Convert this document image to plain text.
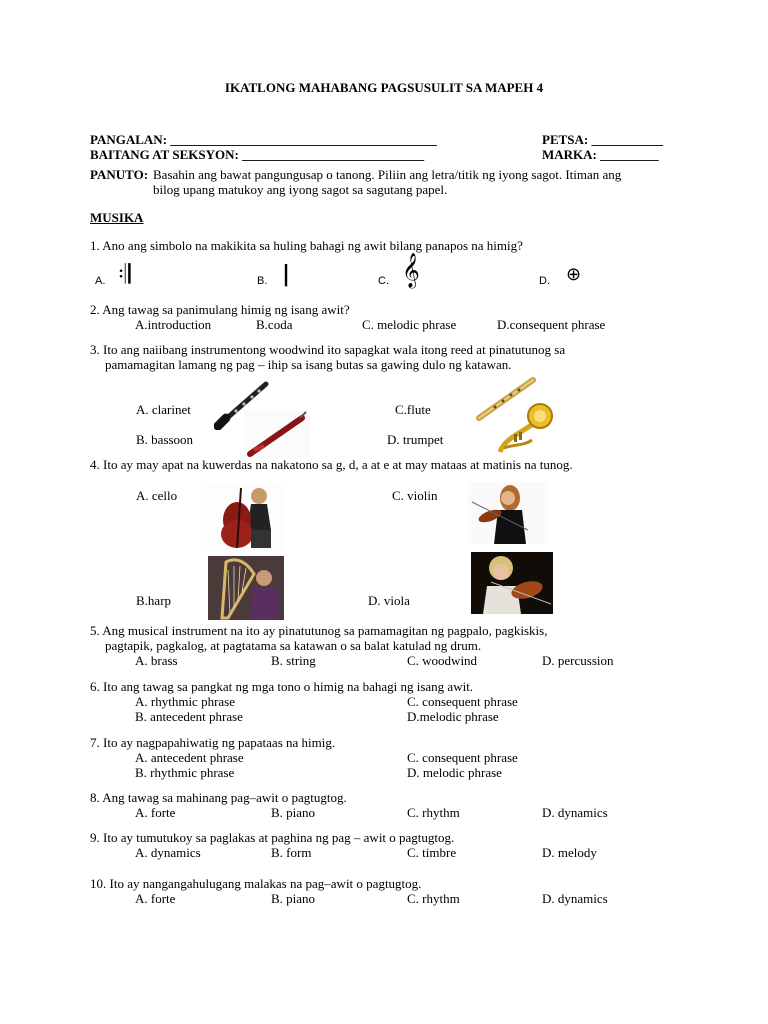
IKATLONG MAHABANG PAGSUSULIT SA MAPEH 4
PANGALAN: _________________________________________	PETSA: ___________
BAITANG AT SEKSYON: ____________________________	MARKA: _________
PANUTO: Basahin ang bawat pangungusap o tanong. Piliin ang letra/titik ng iyong sagot. Itiman ang
bilog upang matukoy ang iyong sagot sa sagutang papel.
MUSIKA
1. Ano ang simbolo na makikita sa huling bahagi ng awit bilang panapos na himig?
A. 𝄇	B. |	C. 𝄞	D. ⊕
2. Ang tawag sa panimulang himig ng isang awit?
A.introduction	B.coda	C. melodic phrase	D.consequent phrase
3. Ito ang naiibang instrumentong woodwind ito sapagkat wala itong reed at pinatutunog sa
pamamagitan lamang ng pag – ihip sa isang butas sa gawing dulo ng katawan.
A. clarinet	C.flute
B. bassoon	D. trumpet
4. Ito ay may apat na kuwerdas na nakatono sa g, d, a at e at may mataas at matinis na tunog.
A. cello	C. violin
B.harp	D. viola
5. Ang musical instrument na ito ay pinatutunog sa pamamagitan ng pagpalo, pagkiskis,
pagtapik, pagkalog, at pagtatama sa katawan o sa balat katulad ng drum.
A. brass	B. string	C. woodwind	D. percussion
6. Ito ang tawag sa pangkat ng mga tono o himig na bahagi ng isang awit.
A. rhythmic phrase	C. consequent phrase
B. antecedent phrase	D.melodic phrase
7. Ito ay nagpapahiwatig ng papataas na himig.
A. antecedent phrase	C. consequent phrase
B. rhythmic phrase	D. melodic phrase
8. Ang tawag sa mahinang pag–awit o pagtugtog.
A. forte	B. piano	C. rhythm	D. dynamics
9. Ito ay tumutukoy sa paglakas at paghina ng pag – awit o pagtugtog.
A. dynamics	B. form	C. timbre	D. melody
10. Ito ay nangangahulugang malakas na pag–awit o pagtugtog.
A. forte	B. piano	C. rhythm	D. dynamics
